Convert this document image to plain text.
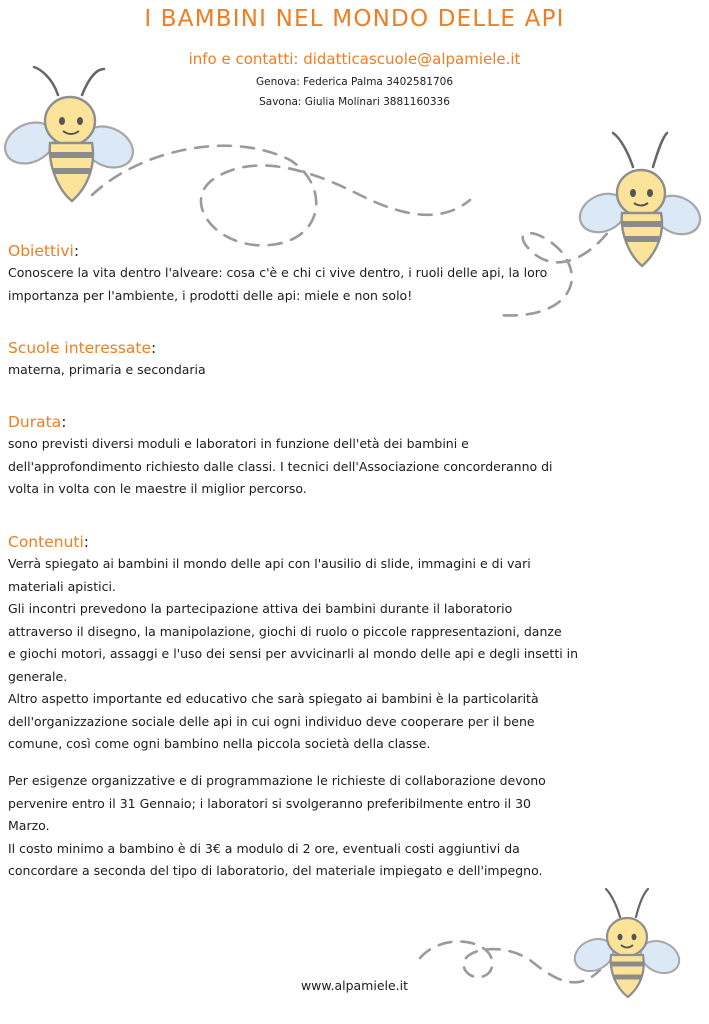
I BAMBINI NEL MONDO DELLE API

info e contatti: didatticascuole@alpamiele.it

Genova: Federica Palma 3402581706

Savona: Giulia Molinari 3881160336

Obiettivi:

Conoscere la vita dentro l'alveare: cosa c'è e chi ci vive dentro, i ruoli delle api, la loro

importanza per l'ambiente, i prodotti delle api: miele e non solo!

Scuole interessate:

materna, primaria e secondaria

Durata:

sono previsti diversi moduli e laboratori in funzione dell'età dei bambini e

dell'approfondimento richiesto dalle classi. I tecnici dell'Associazione concorderanno di

volta in volta con le maestre il miglior percorso.

Contenuti:

Verrà spiegato ai bambini il mondo delle api con l'ausilio di slide, immagini e di vari

materiali apistici.

Gli incontri prevedono la partecipazione attiva dei bambini durante il laboratorio

attraverso il disegno, la manipolazione, giochi di ruolo o piccole rappresentazioni, danze

e giochi motori, assaggi e l'uso dei sensi per avvicinarli al mondo delle api e degli insetti in

generale.

Altro aspetto importante ed educativo che sarà spiegato ai bambini è la particolarità

dell'organizzazione sociale delle api in cui ogni individuo deve cooperare per il bene

comune, così come ogni bambino nella piccola società della classe.

Per esigenze organizzative e di programmazione le richieste di collaborazione devono

pervenire entro il 31 Gennaio; i laboratori si svolgeranno preferibilmente entro il 30

Marzo.

Il costo minimo a bambino è di 3€ a modulo di 2 ore, eventuali costi aggiuntivi da

concordare a seconda del tipo di laboratorio, del materiale impiegato e dell'impegno.

www.alpamiele.it
